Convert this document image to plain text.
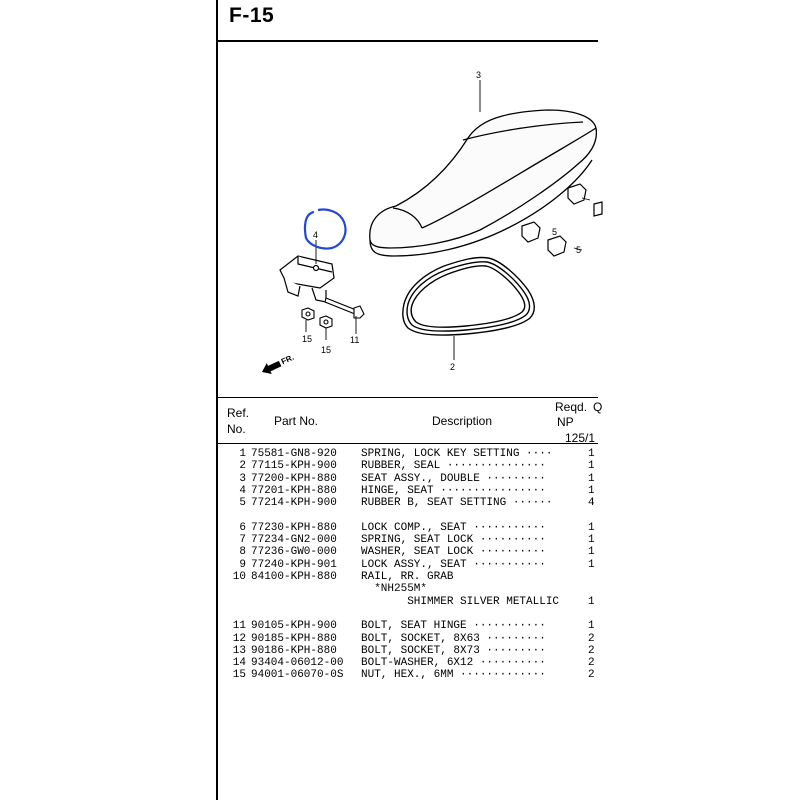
F-15
3
4	5
5
15
15
11
2
FR.
Ref.
No.
Part No.	Description
Reqd. Q
NP
125/1
1 75581-GN8-920 SPRING, LOCK KEY SETTING ····	1
2 77115-KPH-900 RUBBER, SEAL ···············	1
3 77200-KPH-880 SEAT ASSY., DOUBLE ·········	1
4 77201-KPH-880 HINGE, SEAT ················	1
5 77214-KPH-900 RUBBER B, SEAT SETTING ······	4
6 77230-KPH-880 LOCK COMP., SEAT ···········	1
7 77234-GN2-000 SPRING, SEAT LOCK ··········	1
8 77236-GW0-000 WASHER, SEAT LOCK ··········	1
9 77240-KPH-901 LOCK ASSY., SEAT ···········	1
10 84100-KPH-880 RAIL, RR. GRAB
*NH255M*
SHIMMER SILVER METALLIC	1
11 90105-KPH-900 BOLT, SEAT HINGE ···········	1
12 90185-KPH-880 BOLT, SOCKET, 8X63 ·········	2
13 90186-KPH-880 BOLT, SOCKET, 8X73 ·········	2
14 93404-06012-00 BOLT-WASHER, 6X12 ··········	2
15 94001-06070-0S NUT, HEX., 6MM ·············	2
